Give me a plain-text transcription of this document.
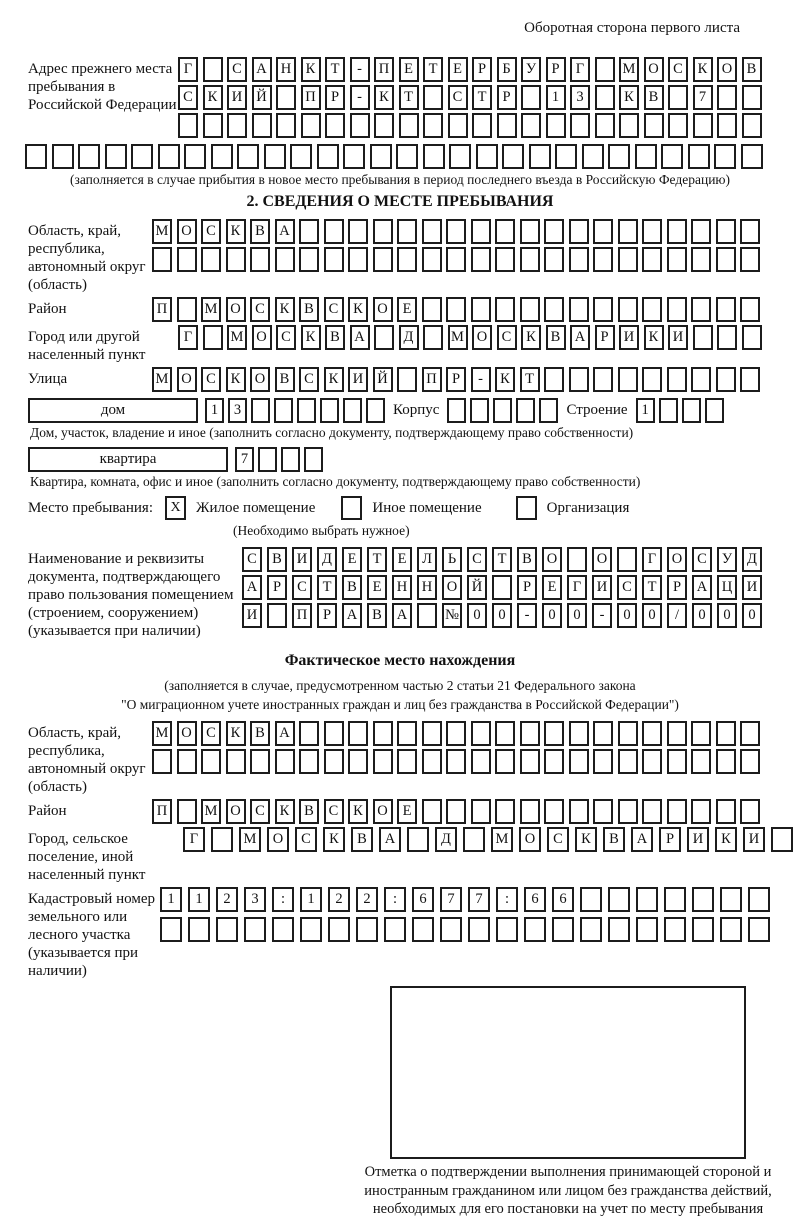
Оборотная сторона первого листа
Адрес прежнего места пребывания в Российской Федерации
Г	С А Н К	Т	-	П	Е	Т	Е	Р	Б	У	Р	Г	М О С	К О В
С	К И Й	П	Р	-	К	Т	С	Т	Р	1	3	К	В	7
(заполняется в случае прибытия в новое место пребывания в период последнего въезда в Российскую Федерацию)
2. СВЕДЕНИЯ О МЕСТЕ ПРЕБЫВАНИЯ
Область, край, республика, автономный округ (область)
М О С	К	В А
Район	П	М О С	К	В	С	К О	Е
Город или другой населенный пункт
Г	М О С	К	В А	Д	М О С	К	В А	Р	И К И
Улица	М О С	К О В	С	К И Й	П	Р	-	К	Т
дом	1	3	Корпус	Строение 1
Дом, участок, владение и иное (заполнить согласно документу, подтверждающему право собственности)
квартира	7
Квартира, комната, офис и иное (заполнить согласно документу, подтверждающему право собственности)
Место пребывания:	X	Жилое помещение	Иное помещение	Организация
(Необходимо выбрать нужное)
Наименование и реквизиты документа, подтверждающего право пользования помещением (строением, сооружением) (указывается при наличии)
С	В	И	Д	Е	Т	Е	Л	Ь	С	Т	В	О	О	Г	О	С	У	Д
А	Р	С	Т	В	Е	Н	Н	О	Й	Р	Е	Г	И	С	Т	Р	А	Ц	И
И	П	Р	А	В	А	№ 0	0	-	0	0	-	0	0	/	0	0	0
Фактическое место нахождения
(заполняется в случае, предусмотренном частью 2 статьи 21 Федерального закона
"О миграционном учете иностранных граждан и лиц без гражданства в Российской Федерации")
Область, край, республика, автономный округ (область)
М О С	К	В А
Район	П	М О С	К	В	С	К О	Е
Город, сельское поселение, иной населенный пункт
Г	М	О	С	К	В	А	Д	М	О	С	К	В	А	Р	И	К	И
Кадастровый номер земельного или лесного участка (указывается при наличии)
1	1	2	3	:	1	2	2	:	6	7	7	:	6	6
Отметка о подтверждении выполнения принимающей стороной и иностранным гражданином или лицом без гражданства действий, необходимых для его постановки на учет по месту пребывания
